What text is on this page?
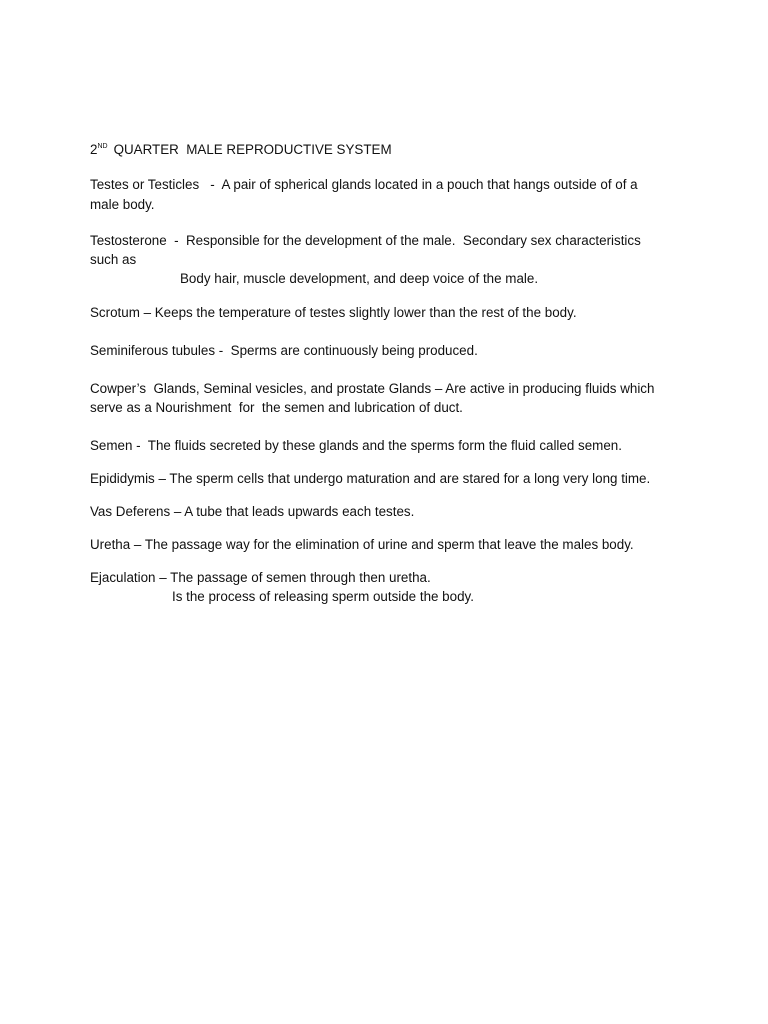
2ND QUARTER  MALE REPRODUCTIVE SYSTEM
Testes or Testicles   -  A pair of spherical glands located in a pouch that hangs outside of of a
male body.
Testosterone  -  Responsible for the development of the male.  Secondary sex characteristics
such as
Body hair, muscle development, and deep voice of the male.
Scrotum – Keeps the temperature of testes slightly lower than the rest of the body.
Seminiferous tubules -  Sperms are continuously being produced.
Cowper’s  Glands, Seminal vesicles, and prostate Glands – Are active in producing fluids which
serve as a Nourishment  for  the semen and lubrication of duct.
Semen -  The fluids secreted by these glands and the sperms form the fluid called semen.
Epididymis – The sperm cells that undergo maturation and are stared for a long very long time.
Vas Deferens – A tube that leads upwards each testes.
Uretha – The passage way for the elimination of urine and sperm that leave the males body.
Ejaculation – The passage of semen through then uretha.
Is the process of releasing sperm outside the body.
